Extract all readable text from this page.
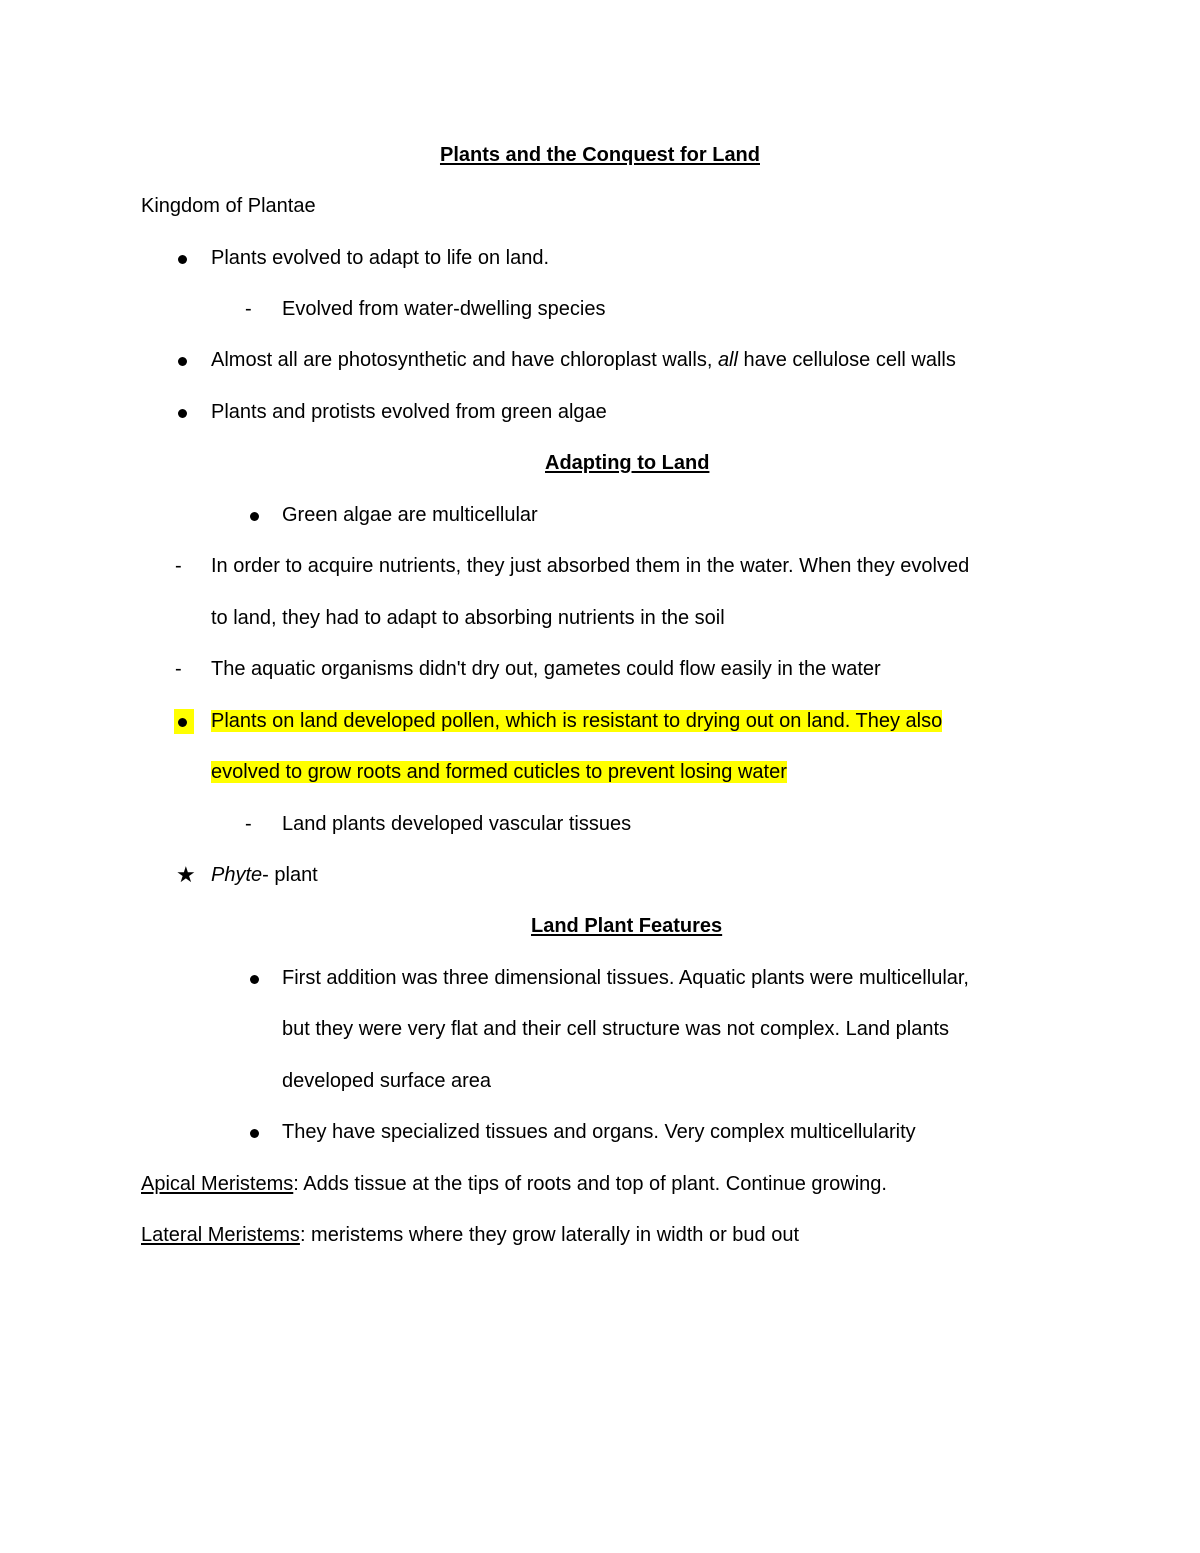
Plants and the Conquest for Land
Kingdom of Plantae
Plants evolved to adapt to life on land.
- Evolved from water-dwelling species
Almost all are photosynthetic and have chloroplast walls, all have cellulose cell walls
Plants and protists evolved from green algae
Adapting to Land
Green algae are multicellular
- In order to acquire nutrients, they just absorbed them in the water. When they evolved
to land, they had to adapt to absorbing nutrients in the soil
- The aquatic organisms didn't dry out, gametes could flow easily in the water
Plants on land developed pollen, which is resistant to drying out on land. They also
evolved to grow roots and formed cuticles to prevent losing water
- Land plants developed vascular tissues
★ Phyte- plant
Land Plant Features
First addition was three dimensional tissues. Aquatic plants were multicellular,
but they were very flat and their cell structure was not complex. Land plants
developed surface area
They have specialized tissues and organs. Very complex multicellularity
Apical Meristems: Adds tissue at the tips of roots and top of plant. Continue growing.
Lateral Meristems: meristems where they grow laterally in width or bud out
